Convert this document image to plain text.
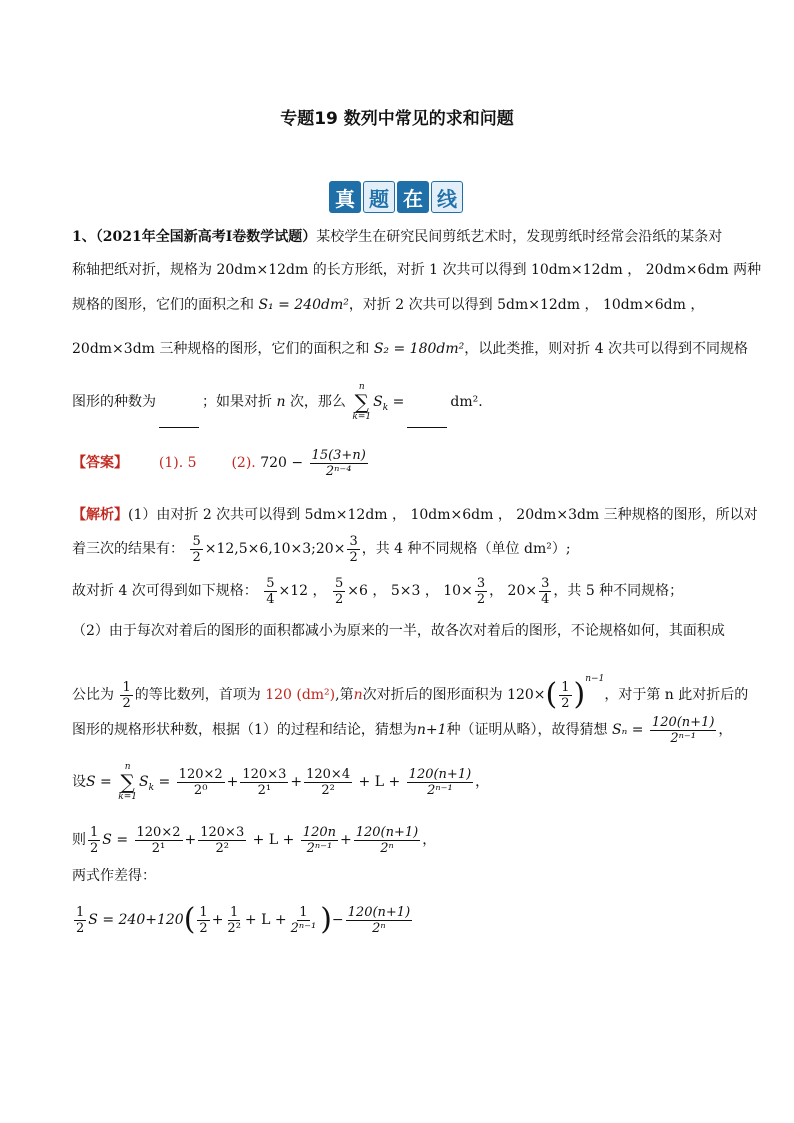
专题19 数列中常见的求和问题
真 题 在 线
1、（2021年全国新高考Ⅰ卷数学试题）某校学生在研究民间剪纸艺术时，发现剪纸时经常会沿纸的某条对
称轴把纸对折，规格为 20dm×12dm 的长方形纸，对折 1 次共可以得到 10dm×12dm ， 20dm×6dm 两种
规格的图形，它们的面积之和 S₁ = 240dm²，对折 2 次共可以得到 5dm×12dm ， 10dm×6dm ，
20dm×3dm 三种规格的图形，它们的面积之和 S₂ = 180dm²，以此类推，则对折 4 次共可以得到不同规格
图形的种数为	；如果对折 n 次，那么
n
∑
k=1
$S_k$ =	dm².
【答案】 (1). 5 (2). $720 - \frac{15(3+n)}{\text{2ⁿ⁻⁴}}$
【解析】(1）由对折 2 次共可以得到 5dm×12dm ， 10dm×6dm ， 20dm×3dm 三种规格的图形，所以对
着三次的结果有： $\frac{5}{2}$ ×12,5×6,10×3;20× $\frac{3}{2}$ ，共 4 种不同规格（单位 dm²）;
故对折 4 次可得到如下规格： $\frac{5}{4} \times 12$ ， $\frac{5}{2} \times 6$ ， 5×3 ， $10\times \frac{3}{2}$ ， $20\times \frac{3}{4}$ ，共 5 种不同规格；
（2）由于每次对着后的图形的面积都减小为原来的一半，故各次对着后的图形，不论规格如何，其面积成
公比为 $\frac{1}{2}$ 的等比数列，首项为 120 (dm²),第n次对折后的图形面积为 $120\times( \frac{1}{2} )^{n-1}$，对于第 n 此对折后的
图形的规格形状种数，根据（1）的过程和结论，猜想为n+1种（证明从略），故得猜想 $S_n = \frac{120(n+1)}{\text{2ⁿ⁻¹}}$ ，
设S =
n
∑
k=1
$S_k = \frac{120\times 2}{\text{2⁰}} + \frac{120\times 3}{\text{2¹}} + \frac{120\times 4}{\text{2²}} + L + \frac{120(n+1)}{\text{2ⁿ⁻¹}}$ ，
则 $\frac{1}{2}$ $S = \frac{120\times 2}{\text{2¹}} + \frac{120\times 3}{\text{2²}} + L + \frac{120n}{\text{2ⁿ⁻¹}} + \frac{120(n+1)}{\text{2ⁿ}}$ ，
两式作差得：
$\frac{1}{2}$ $S = 240+120( \frac{1}{2} + \frac{1}{\text{2²}} + L + \frac{1}{\text{2ⁿ⁻¹}}$ )− $\frac{120(n+1)}{\text{2ⁿ}}$
